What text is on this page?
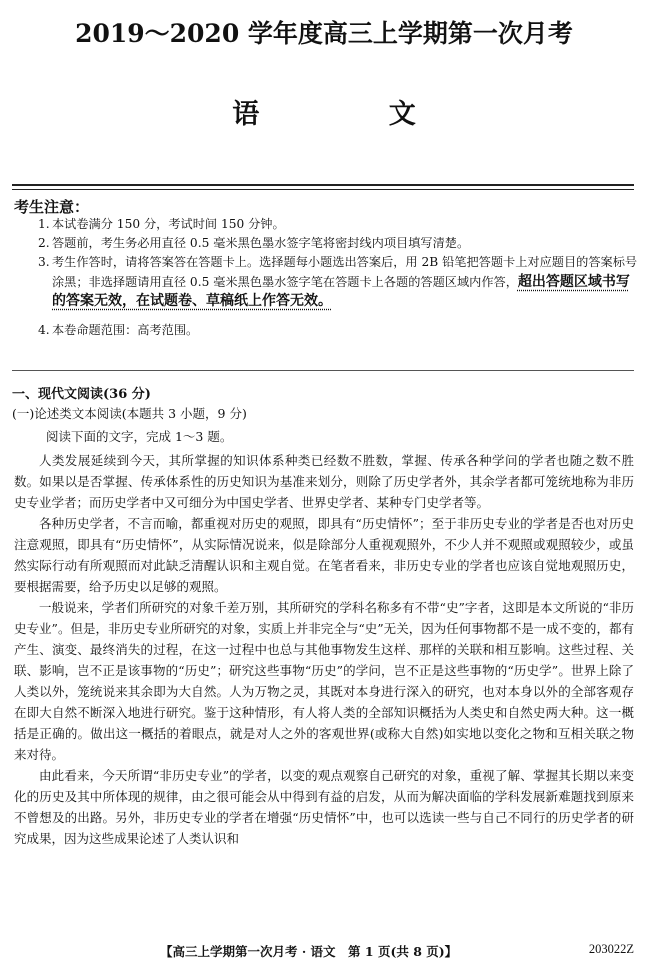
2019～2020 学年度高三上学期第一次月考
语 文
考生注意：
1. 本试卷满分 150 分，考试时间 150 分钟。
2. 答题前，考生务必用直径 0.5 毫米黑色墨水签字笔将密封线内项目填写清楚。
3. 考生作答时，请将答案答在答题卡上。选择题每小题选出答案后，用 2B 铅笔把答题卡上对应题目的答案标号涂黑；非选择题请用直径 0.5 毫米黑色墨水签字笔在答题卡上各题的答题区域内作答，超出答题区域书写的答案无效，在试题卷、草稿纸上作答无效。
4. 本卷命题范围：高考范围。
一、现代文阅读(36 分)
(一)论述类文本阅读(本题共 3 小题，9 分)
阅读下面的文字，完成 1～3 题。

人类发展延续到今天，其所掌握的知识体系种类已经数不胜数，掌握、传承各种学问的学者也随之数不胜数。如果以是否掌握、传承体系性的历史知识为基准来划分，则除了历史学者外，其余学者都可笼统地称为非历史专业学者；而历史学者中又可细分为中国史学者、世界史学者、某种专门史学者等。

各种历史学者，不言而喻，都重视对历史的观照，即具有“历史情怀”；至于非历史专业的学者是否也对历史注意观照，即具有“历史情怀”，从实际情况说来，似是除部分人重视观照外，不少人并不观照或观照较少，或虽然实际行动有所观照而对此缺乏清醒认识和主观自觉。在笔者看来，非历史专业的学者也应该自觉地观照历史，要根据需要，给予历史以足够的观照。

一般说来，学者们所研究的对象千差万别，其所研究的学科名称多有不带“史”字者，这即是本文所说的“非历史专业”。但是，非历史专业所研究的对象，实质上并非完全与“史”无关，因为任何事物都不是一成不变的，都有产生、演变、最终消失的过程，在这一过程中也总与其他事物发生这样、那样的关联和相互影响。这些过程、关联、影响，岂不正是该事物的“历史”；研究这些事物“历史”的学问，岂不正是这些事物的“历史学”。世界上除了人类以外，笼统说来其余即为大自然。人为万物之灵，其既对本身进行深入的研究，也对本身以外的全部客观存在即大自然不断深入地进行研究。鉴于这种情形，有人将人类的全部知识概括为人类史和自然史两大种。这一概括是正确的。做出这一概括的着眼点，就是对人之外的客观世界(或称大自然)如实地以变化之物和互相关联之物来对待。

由此看来，今天所谓“非历史专业”的学者，以变的观点观察自己研究的对象，重视了解、掌握其长期以来变化的历史及其中所体现的规律，由之很可能会从中得到有益的启发，从而为解决面临的学科发展新难题找到原来不曾想及的出路。另外，非历史专业的学者在增强“历史情怀”中，也可以选读一些与自己不同行的历史学者的研究成果，因为这些成果论述了人类认识和

【高三上学期第一次月考 · 语文　第 1 页(共 8 页)】	203022Z
